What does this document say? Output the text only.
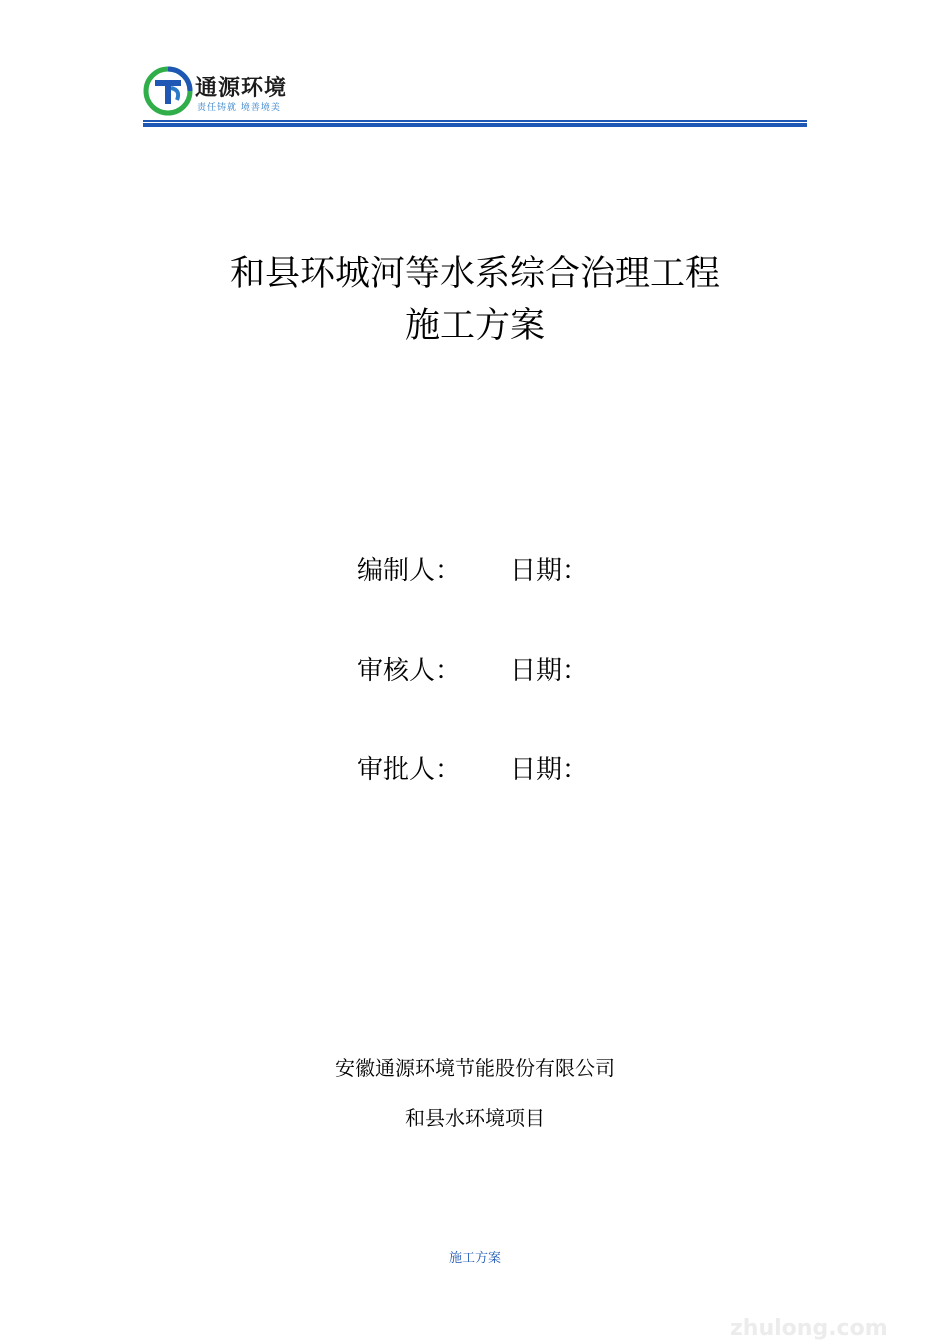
通源环境
责任铸就 境善境美
和县环城河等水系综合治理工程
施工方案
编制人： 日期：
审核人： 日期：
审批人： 日期：
安徽通源环境节能股份有限公司
和县水环境项目
施工方案
zhulong.com
